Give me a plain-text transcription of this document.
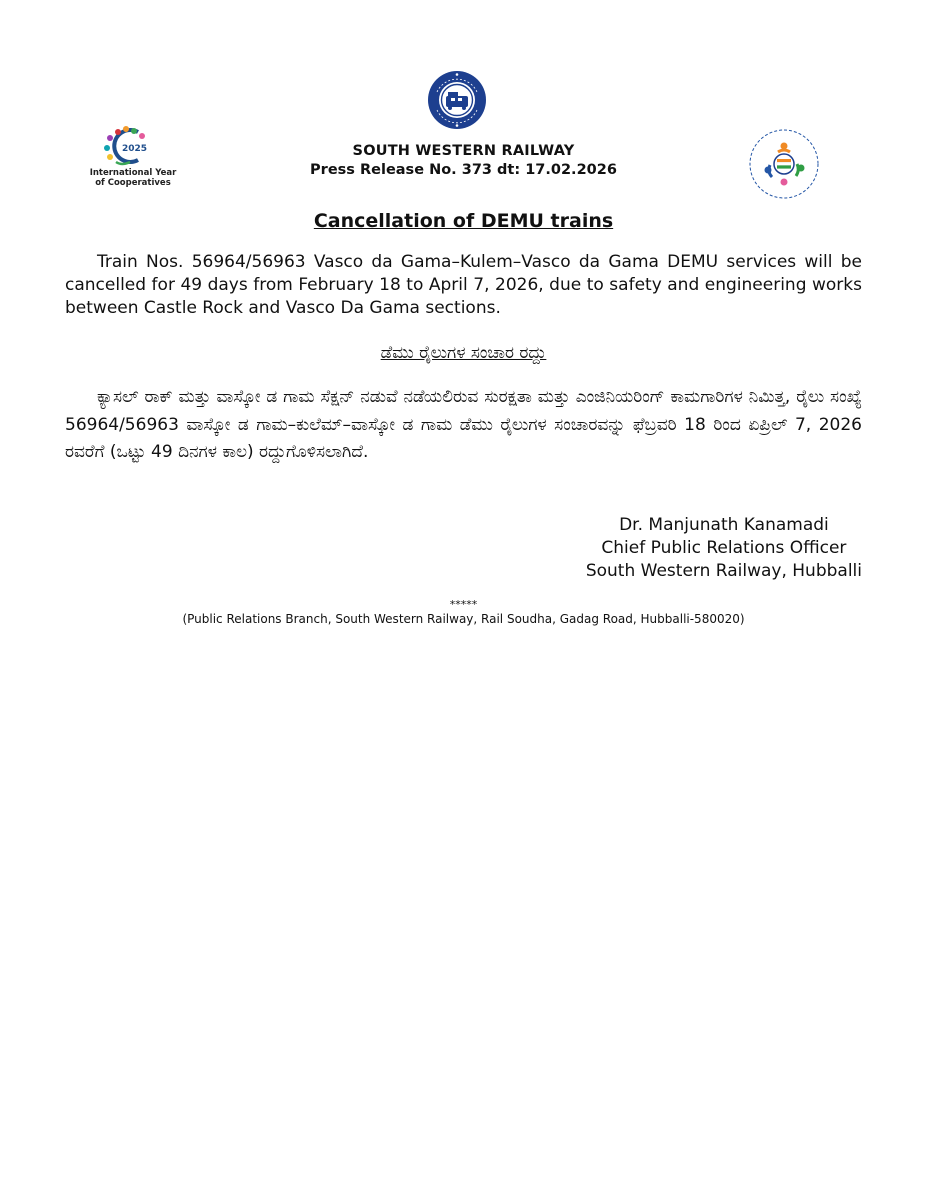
2025
International Year
of Cooperatives
SOUTH WESTERN RAILWAY
Press Release No. 373 dt: 17.02.2026
Cancellation of DEMU trains

Train Nos. 56964/56963 Vasco da Gama–Kulem–Vasco da Gama DEMU services will be cancelled for 49 days from February 18 to April 7, 2026, due to safety and engineering works between Castle Rock and Vasco Da Gama sections.

ಡೆಮು ರೈಲುಗಳ ಸಂಚಾರ ರದ್ದು

ಕ್ಯಾಸಲ್ ರಾಕ್ ಮತ್ತು ವಾಸ್ಕೋ ಡ ಗಾಮ ಸೆಕ್ಷನ್ ನಡುವೆ ನಡೆಯಲಿರುವ ಸುರಕ್ಷತಾ ಮತ್ತು ಎಂಜಿನಿಯರಿಂಗ್ ಕಾಮಗಾರಿಗಳ ನಿಮಿತ್ತ, ರೈಲು ಸಂಖ್ಯೆ 56964/56963 ವಾಸ್ಕೋ ಡ ಗಾಮ–ಕುಲೆಮ್–ವಾಸ್ಕೋ ಡ ಗಾಮ ಡೆಮು ರೈಲುಗಳ ಸಂಚಾರವನ್ನು ಫೆಬ್ರವರಿ 18 ರಿಂದ ಏಪ್ರಿಲ್ 7, 2026 ರವರೆಗೆ (ಒಟ್ಟು 49 ದಿನಗಳ ಕಾಲ) ರದ್ದುಗೊಳಿಸಲಾಗಿದೆ.

Dr. Manjunath Kanamadi
Chief Public Relations Officer
South Western Railway, Hubballi
*****
(Public Relations Branch, South Western Railway, Rail Soudha, Gadag Road, Hubballi-580020)
